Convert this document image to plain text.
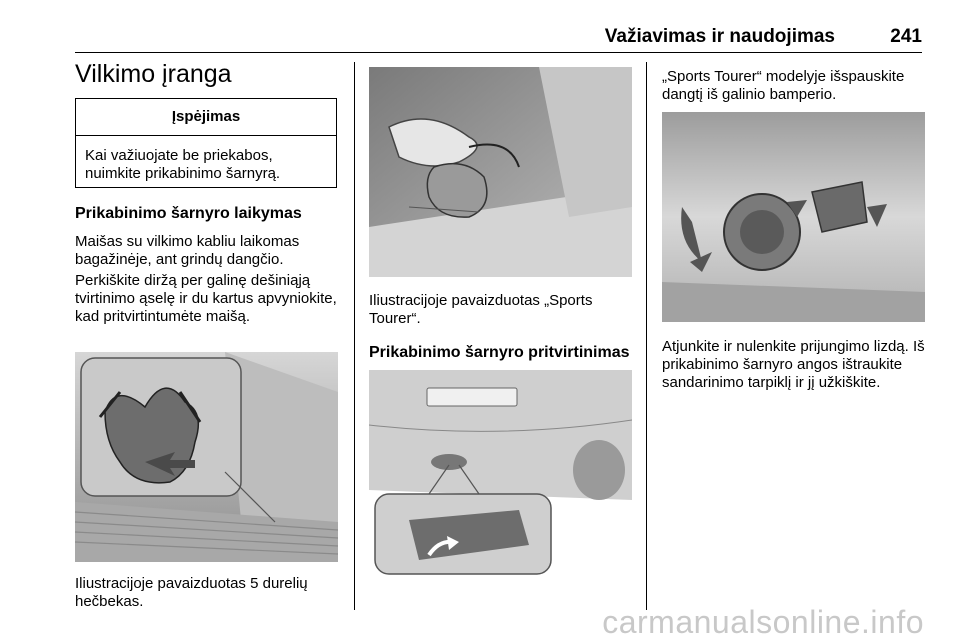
Važiavimas ir naudojimas	241
Vilkimo įranga
Įspėjimas
Kai važiuojate be priekabos, nuimkite prikabinimo šarnyrą.
Prikabinimo šarnyro laikymas
Maišas su vilkimo kabliu laikomas bagažinėje, ant grindų dangčio.
Perkiškite diržą per galinę dešiniąją tvirtinimo ąselę ir du kartus apvyniokite, kad pritvirtintumėte maišą.
Iliustracijoje pavaizduotas 5 durelių hečbekas.
Iliustracijoje pavaizduotas „Sports Tourer“.
Prikabinimo šarnyro pritvirtinimas
„Sports Tourer“ modelyje išspauskite dangtį iš galinio bamperio.
Atjunkite ir nulenkite prijungimo lizdą. Iš prikabinimo šarnyro angos ištraukite sandarinimo tarpiklį ir jį užkiškite.
carmanualsonline.info
